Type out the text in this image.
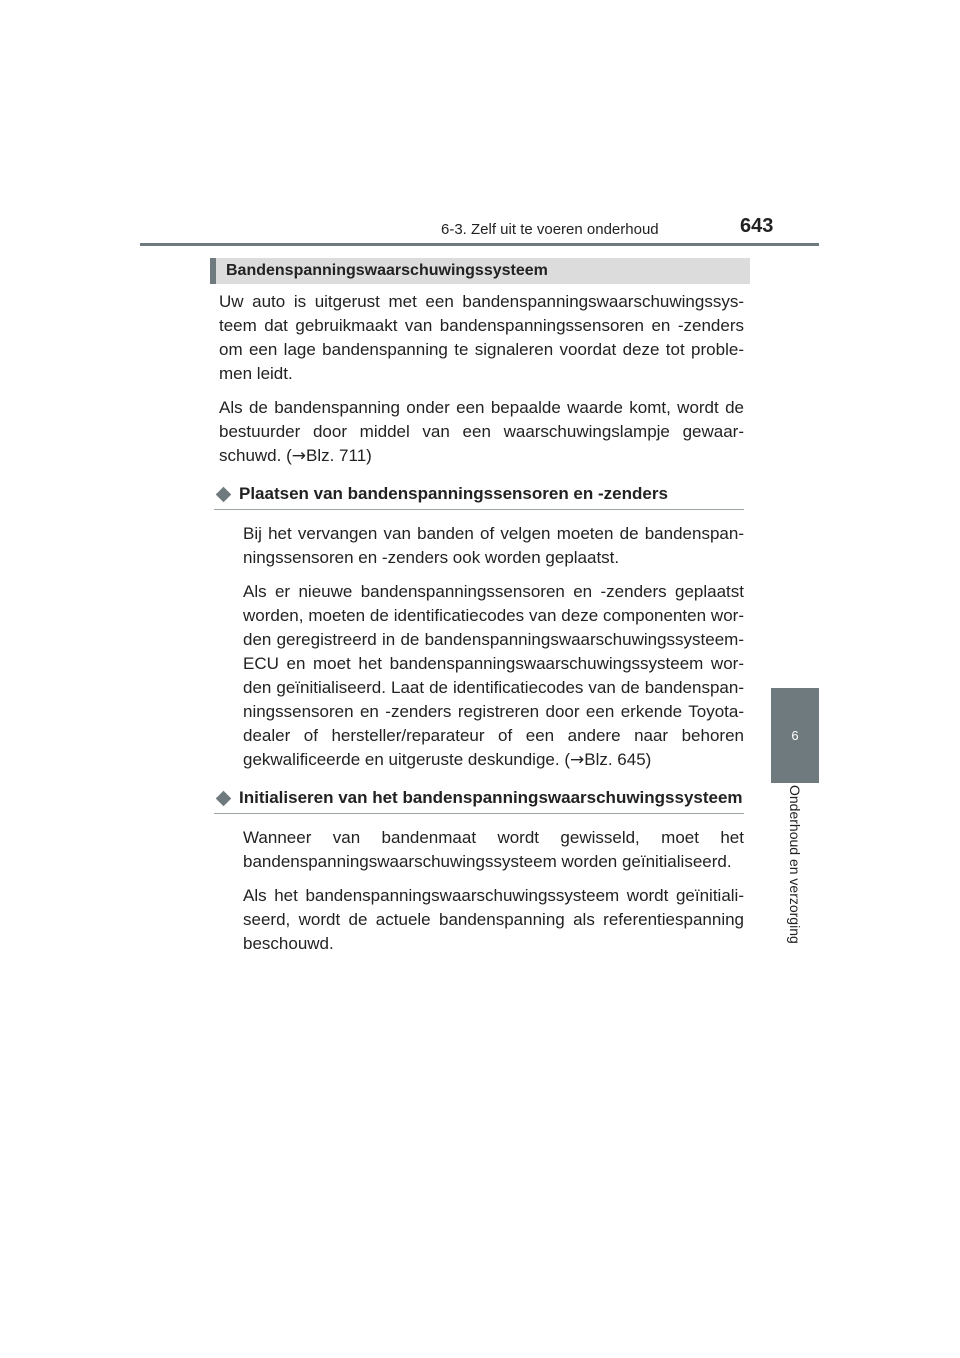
6-3. Zelf uit te voeren onderhoud	643
6
Onderhoud en verzorging
Bandenspanningswaarschuwingssysteem

Uw auto is uitgerust met een bandenspanningswaarschuwingssysteem dat gebruikmaakt van bandenspanningssensoren en -zenders om een lage bandenspanning te signaleren voordat deze tot problemen leidt.

Als de bandenspanning onder een bepaalde waarde komt, wordt de bestuurder door middel van een waarschuwingslampje gewaarschuwd. (→Blz. 711)

Plaatsen van bandenspanningssensoren en -zenders

Bij het vervangen van banden of velgen moeten de bandenspanningssensoren en -zenders ook worden geplaatst.

Als er nieuwe bandenspanningssensoren en -zenders geplaatst worden, moeten de identificatiecodes van deze componenten worden geregistreerd in de bandenspanningswaarschuwingssysteem-ECU en moet het bandenspanningswaarschuwingssysteem worden geïnitialiseerd. Laat de identificatiecodes van de bandenspanningssensoren en -zenders registreren door een erkende Toyota-dealer of hersteller/reparateur of een andere naar behoren gekwalificeerde en uitgeruste deskundige. (→Blz. 645)

Initialiseren van het bandenspanningswaarschuwingssysteem

Wanneer van bandenmaat wordt gewisseld, moet het bandenspanningswaarschuwingssysteem worden geïnitialiseerd.

Als het bandenspanningswaarschuwingssysteem wordt geïnitialiseerd, wordt de actuele bandenspanning als referentiespanning beschouwd.
